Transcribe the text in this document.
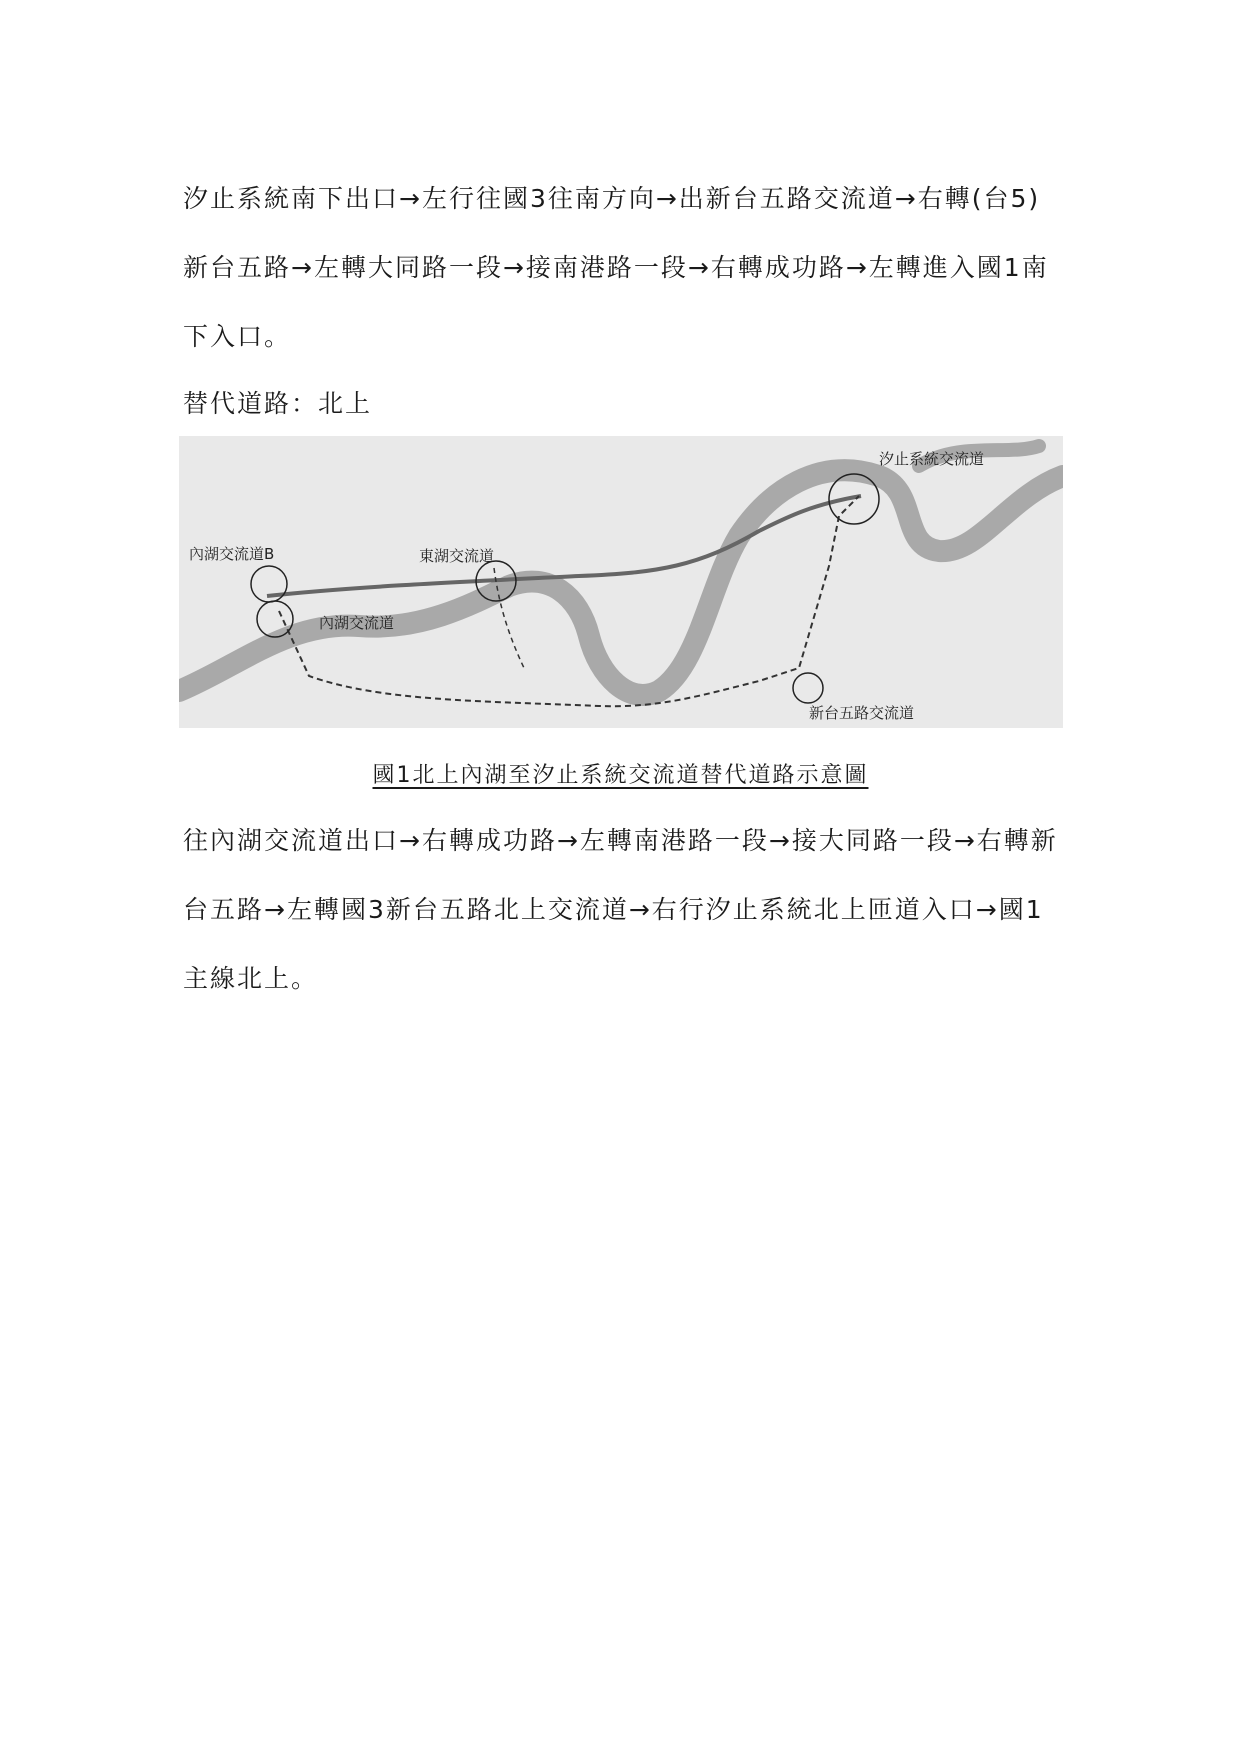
汐止系統南下出口→左行往國3往南方向→出新台五路交流道→右轉(台5)新台五路→左轉大同路一段→接南港路一段→右轉成功路→左轉進入國1南下入口。

替代道路：北上

汐止系統交流道
內湖交流道B	東湖交流道
內湖交流道
新台五路交流道

國1北上內湖至汐止系統交流道替代道路示意圖

往內湖交流道出口→右轉成功路→左轉南港路一段→接大同路一段→右轉新台五路→左轉國3新台五路北上交流道→右行汐止系統北上匝道入口→國1主線北上。
